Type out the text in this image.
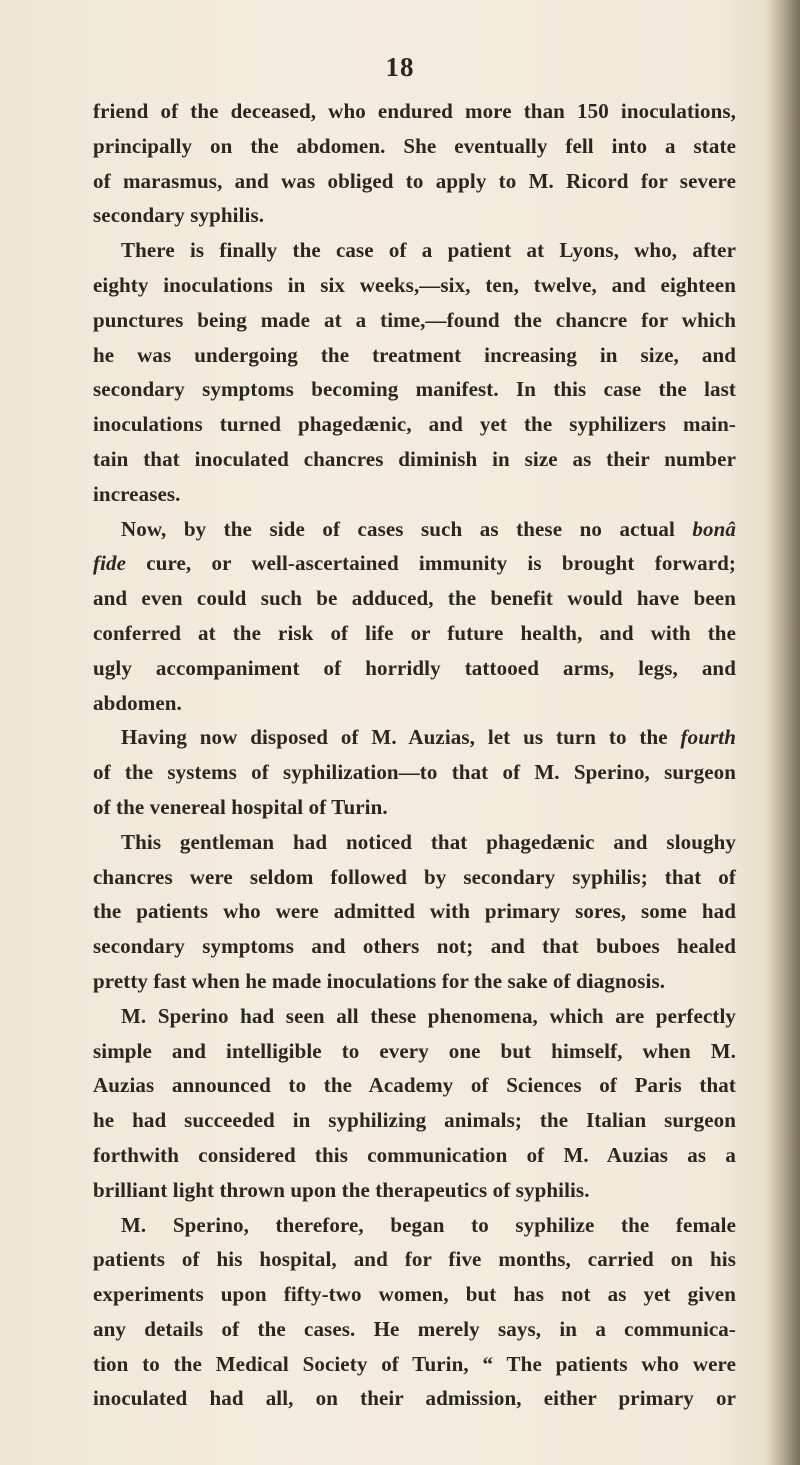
18
friend of the deceased, who endured more than 150 inoculations,
principally on the abdomen. She eventually fell into a state
of marasmus, and was obliged to apply to M. Ricord for severe
secondary syphilis.
There is finally the case of a patient at Lyons, who, after
eighty inoculations in six weeks,—six, ten, twelve, and eighteen
punctures being made at a time,—found the chancre for which
he was undergoing the treatment increasing in size, and
secondary symptoms becoming manifest. In this case the last
inoculations turned phagedænic, and yet the syphilizers main-
tain that inoculated chancres diminish in size as their number
increases.
Now, by the side of cases such as these no actual bonâ
fide cure, or well-ascertained immunity is brought forward;
and even could such be adduced, the benefit would have been
conferred at the risk of life or future health, and with the
ugly accompaniment of horridly tattooed arms, legs, and
abdomen.
Having now disposed of M. Auzias, let us turn to the fourth
of the systems of syphilization—to that of M. Sperino, surgeon
of the venereal hospital of Turin.
This gentleman had noticed that phagedænic and sloughy
chancres were seldom followed by secondary syphilis; that of
the patients who were admitted with primary sores, some had
secondary symptoms and others not; and that buboes healed
pretty fast when he made inoculations for the sake of diagnosis.
M. Sperino had seen all these phenomena, which are perfectly
simple and intelligible to every one but himself, when M.
Auzias announced to the Academy of Sciences of Paris that
he had succeeded in syphilizing animals; the Italian surgeon
forthwith considered this communication of M. Auzias as a
brilliant light thrown upon the therapeutics of syphilis.
M. Sperino, therefore, began to syphilize the female
patients of his hospital, and for five months, carried on his
experiments upon fifty-two women, but has not as yet given
any details of the cases. He merely says, in a communica-
tion to the Medical Society of Turin, “ The patients who were
inoculated had all, on their admission, either primary or
